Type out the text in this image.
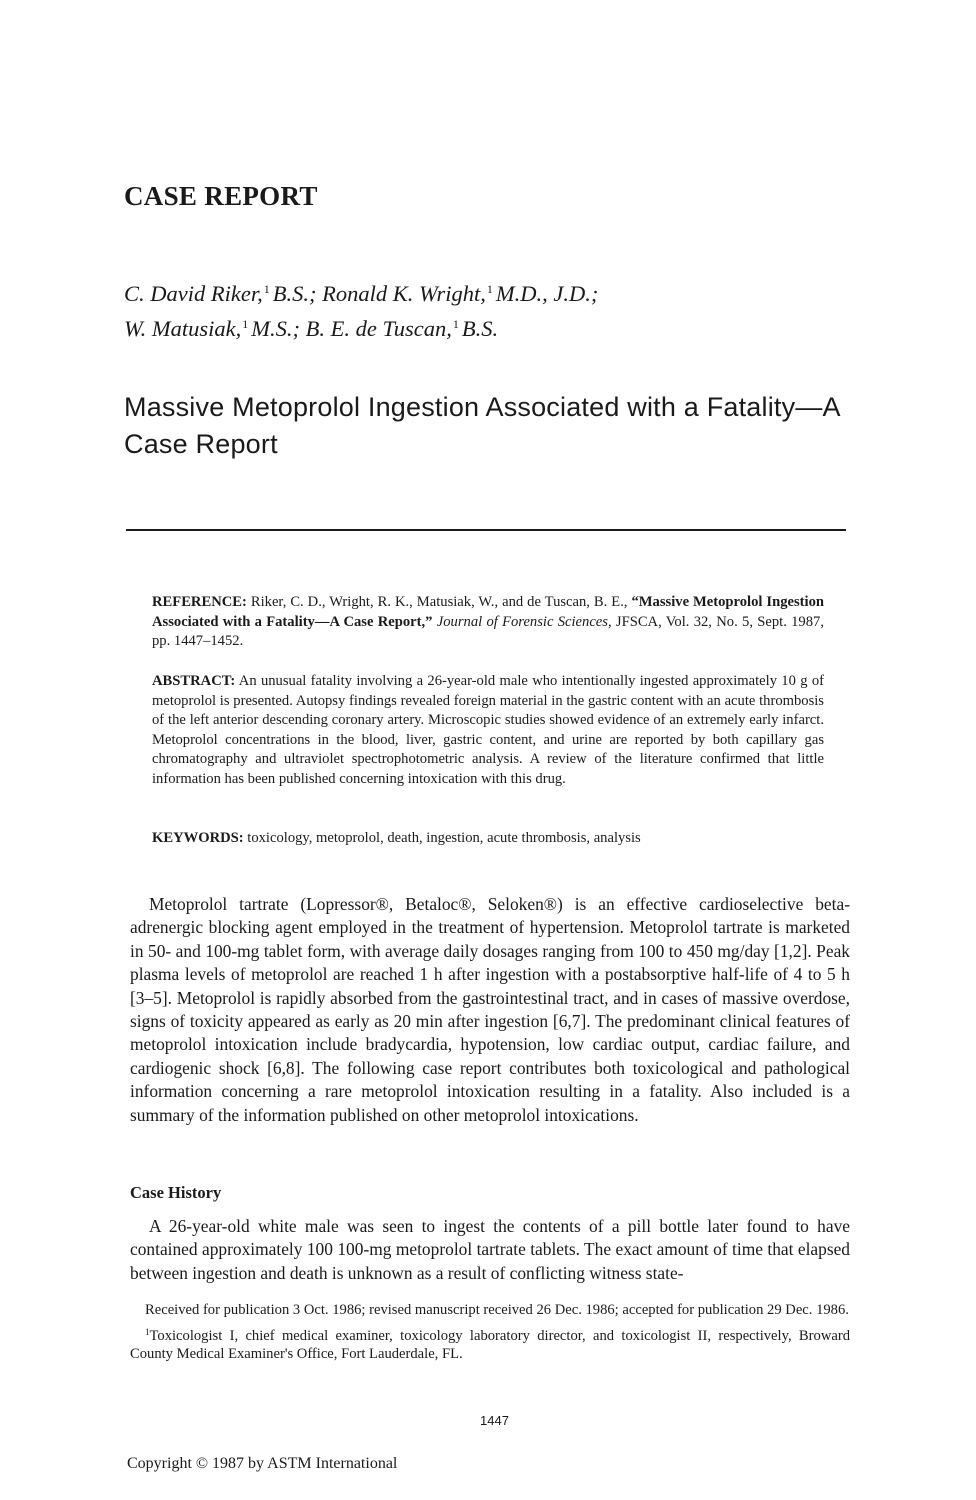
CASE REPORT
C. David Riker,$^1$ B.S.; Ronald K. Wright,$^1$ M.D., J.D.;
W. Matusiak,$^1$ M.S.; B. E. de Tuscan,$^1$ B.S.
Massive Metoprolol Ingestion Associated with a Fatality—A Case Report
REFERENCE: Riker, C. D., Wright, R. K., Matusiak, W., and de Tuscan, B. E., “Massive Metoprolol Ingestion Associated with a Fatality—A Case Report,” Journal of Forensic Sciences, JFSCA, Vol. 32, No. 5, Sept. 1987, pp. 1447–1452.
ABSTRACT: An unusual fatality involving a 26-year-old male who intentionally ingested approximately 10 g of metoprolol is presented. Autopsy findings revealed foreign material in the gastric content with an acute thrombosis of the left anterior descending coronary artery. Microscopic studies showed evidence of an extremely early infarct. Metoprolol concentrations in the blood, liver, gastric content, and urine are reported by both capillary gas chromatography and ultraviolet spectrophotometric analysis. A review of the literature confirmed that little information has been published concerning intoxication with this drug.
KEYWORDS: toxicology, metoprolol, death, ingestion, acute thrombosis, analysis
Metoprolol tartrate (Lopressor®, Betaloc®, Seloken®) is an effective cardioselective beta-adrenergic blocking agent employed in the treatment of hypertension. Metoprolol tartrate is marketed in 50- and 100-mg tablet form, with average daily dosages ranging from 100 to 450 mg/day [1,2]. Peak plasma levels of metoprolol are reached 1 h after ingestion with a postabsorptive half-life of 4 to 5 h [3–5]. Metoprolol is rapidly absorbed from the gastrointestinal tract, and in cases of massive overdose, signs of toxicity appeared as early as 20 min after ingestion [6,7]. The predominant clinical features of metoprolol intoxication include bradycardia, hypotension, low cardiac output, cardiac failure, and cardiogenic shock [6,8]. The following case report contributes both toxicological and pathological information concerning a rare metoprolol intoxication resulting in a fatality. Also included is a summary of the information published on other metoprolol intoxications.
Case History
A 26-year-old white male was seen to ingest the contents of a pill bottle later found to have contained approximately 100 100-mg metoprolol tartrate tablets. The exact amount of time that elapsed between ingestion and death is unknown as a result of conflicting witness state-
Received for publication 3 Oct. 1986; revised manuscript received 26 Dec. 1986; accepted for publication 29 Dec. 1986.
$^1$Toxicologist I, chief medical examiner, toxicology laboratory director, and toxicologist II, respectively, Broward County Medical Examiner's Office, Fort Lauderdale, FL.
1447
Copyright © 1987 by ASTM International
